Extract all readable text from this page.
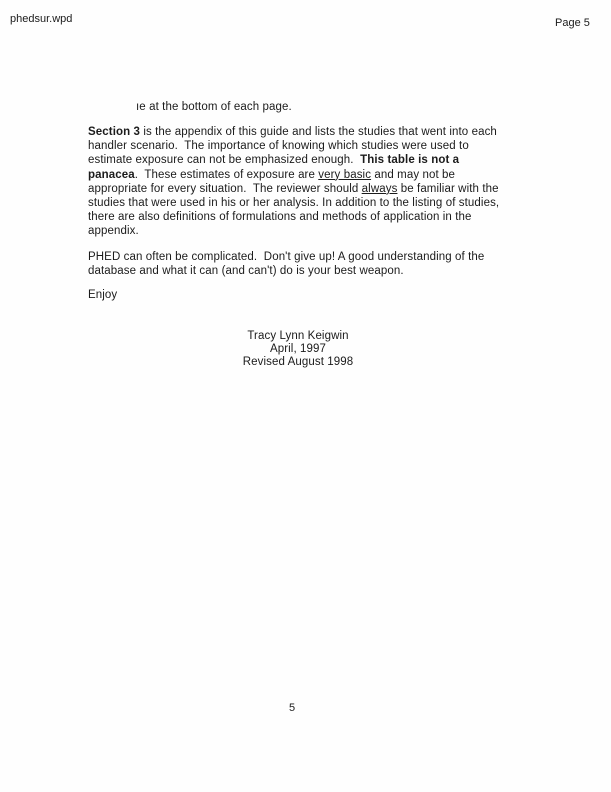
phedsur.wpd	Page 5
ıe at the bottom of each page.
Section 3 is the appendix of this guide and lists the studies that went into each
handler scenario.  The importance of knowing which studies were used to
estimate exposure can not be emphasized enough.  This table is not a
panacea.  These estimates of exposure are very basic and may not be
appropriate for every situation.  The reviewer should always be familiar with the
studies that were used in his or her analysis. In addition to the listing of studies,
there are also definitions of formulations and methods of application in the
appendix.
PHED can often be complicated.  Don't give up! A good understanding of the
database and what it can (and can't) do is your best weapon.
Enjoy
Tracy Lynn Keigwin
April, 1997
Revised August 1998
5
